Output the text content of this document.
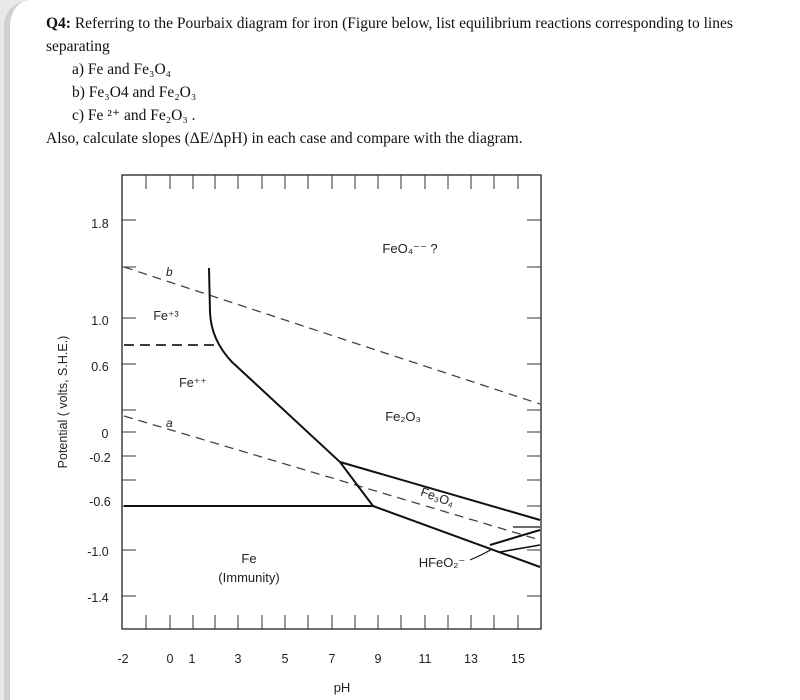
Q4: Referring to the Pourbaix diagram for iron (Figure below, list equilibrium reactions corresponding to lines separating
a) Fe and Fe₃O₄
b) Fe₃O4 and Fe₂O₃
c) Fe ²⁺ and Fe₂O₃ .
Also, calculate slopes (ΔE/ΔpH) in each case and compare with the diagram.
1.8
1.0
0.6
0
-0.2
-0.6
-1.0
-1.4
-2	0 1	3	5	7	9	11	13	15
pH
Potential ( volts, S.H.E.)
FeO₄⁻⁻ ?
Fe⁺³
Fe⁺⁺
Fe₂O₃
Fe₃O₄
Fe
(Immunity)
HFeO₂⁻
b
a
